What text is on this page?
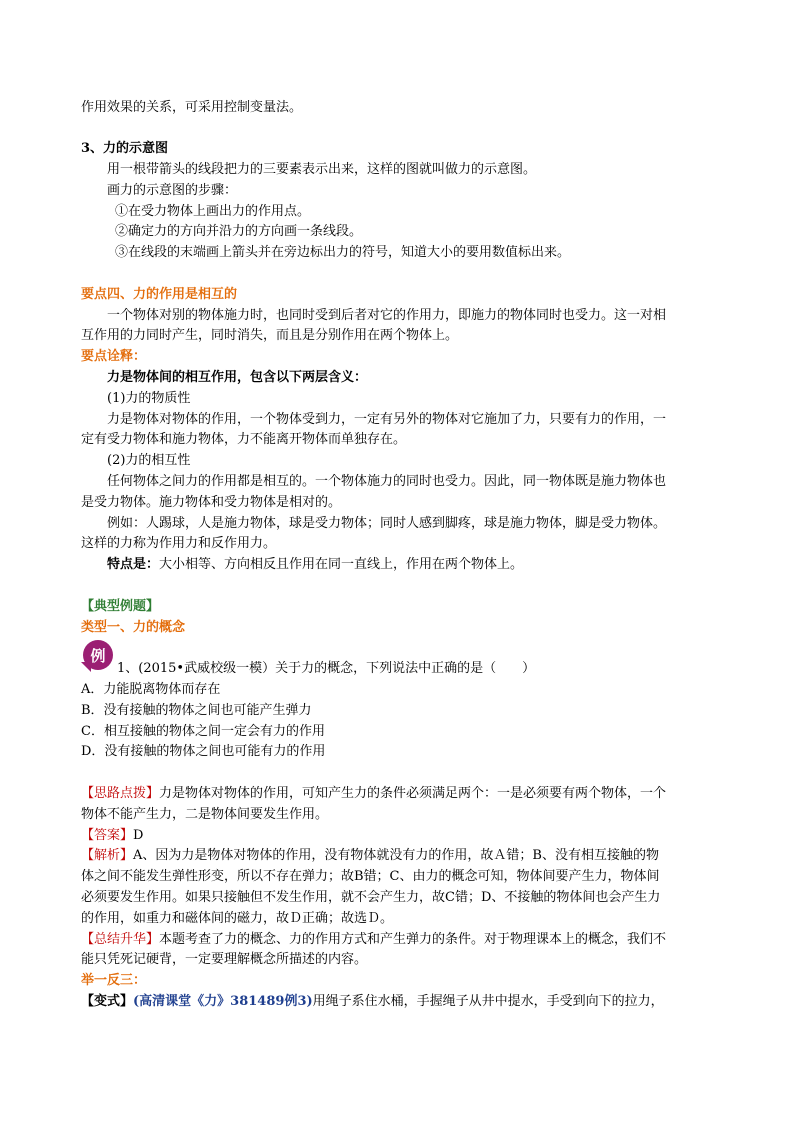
作用效果的关系，可采用控制变量法。
3、力的示意图
用一根带箭头的线段把力的三要素表示出来，这样的图就叫做力的示意图。
画力的示意图的步骤：
①在受力物体上画出力的作用点。
②确定力的方向并沿力的方向画一条线段。
③在线段的末端画上箭头并在旁边标出力的符号，知道大小的要用数值标出来。
要点四、力的作用是相互的
一个物体对别的物体施力时，也同时受到后者对它的作用力，即施力的物体同时也受力。这一对相
互作用的力同时产生，同时消失，而且是分别作用在两个物体上。
要点诠释：
力是物体间的相互作用，包含以下两层含义：
(1)力的物质性
力是物体对物体的作用，一个物体受到力，一定有另外的物体对它施加了力，只要有力的作用，一
定有受力物体和施力物体，力不能离开物体而单独存在。
(2)力的相互性
任何物体之间力的作用都是相互的。一个物体施力的同时也受力。因此，同一物体既是施力物体也
是受力物体。施力物体和受力物体是相对的。
例如：人踢球，人是施力物体，球是受力物体；同时人感到脚疼，球是施力物体，脚是受力物体。
这样的力称为作用力和反作用力。
特点是：大小相等、方向相反且作用在同一直线上，作用在两个物体上。
【典型例题】
类型一、力的概念
例
1、(2015•武威校级一模）关于力的概念，下列说法中正确的是（　　）
A．力能脱离物体而存在
B．没有接触的物体之间也可能产生弹力
C．相互接触的物体之间一定会有力的作用
D．没有接触的物体之间也可能有力的作用
【思路点拨】力是物体对物体的作用，可知产生力的条件必须满足两个：一是必须要有两个物体，一个
物体不能产生力，二是物体间要发生作用。
【答案】D
【解析】A、因为力是物体对物体的作用，没有物体就没有力的作用，故Ａ错；B、没有相互接触的物
体之间不能发生弹性形变，所以不存在弹力；故B错；C、由力的概念可知，物体间要产生力，物体间
必须要发生作用。如果只接触但不发生作用，就不会产生力，故C错；D、不接触的物体间也会产生力
的作用，如重力和磁体间的磁力，故Ｄ正确；故选Ｄ。
【总结升华】本题考查了力的概念、力的作用方式和产生弹力的条件。对于物理课本上的概念，我们不
能只凭死记硬背，一定要理解概念所描述的内容。
举一反三：
【变式】(高清课堂《力》381489例3)用绳子系住水桶，手握绳子从井中提水，手受到向下的拉力，
